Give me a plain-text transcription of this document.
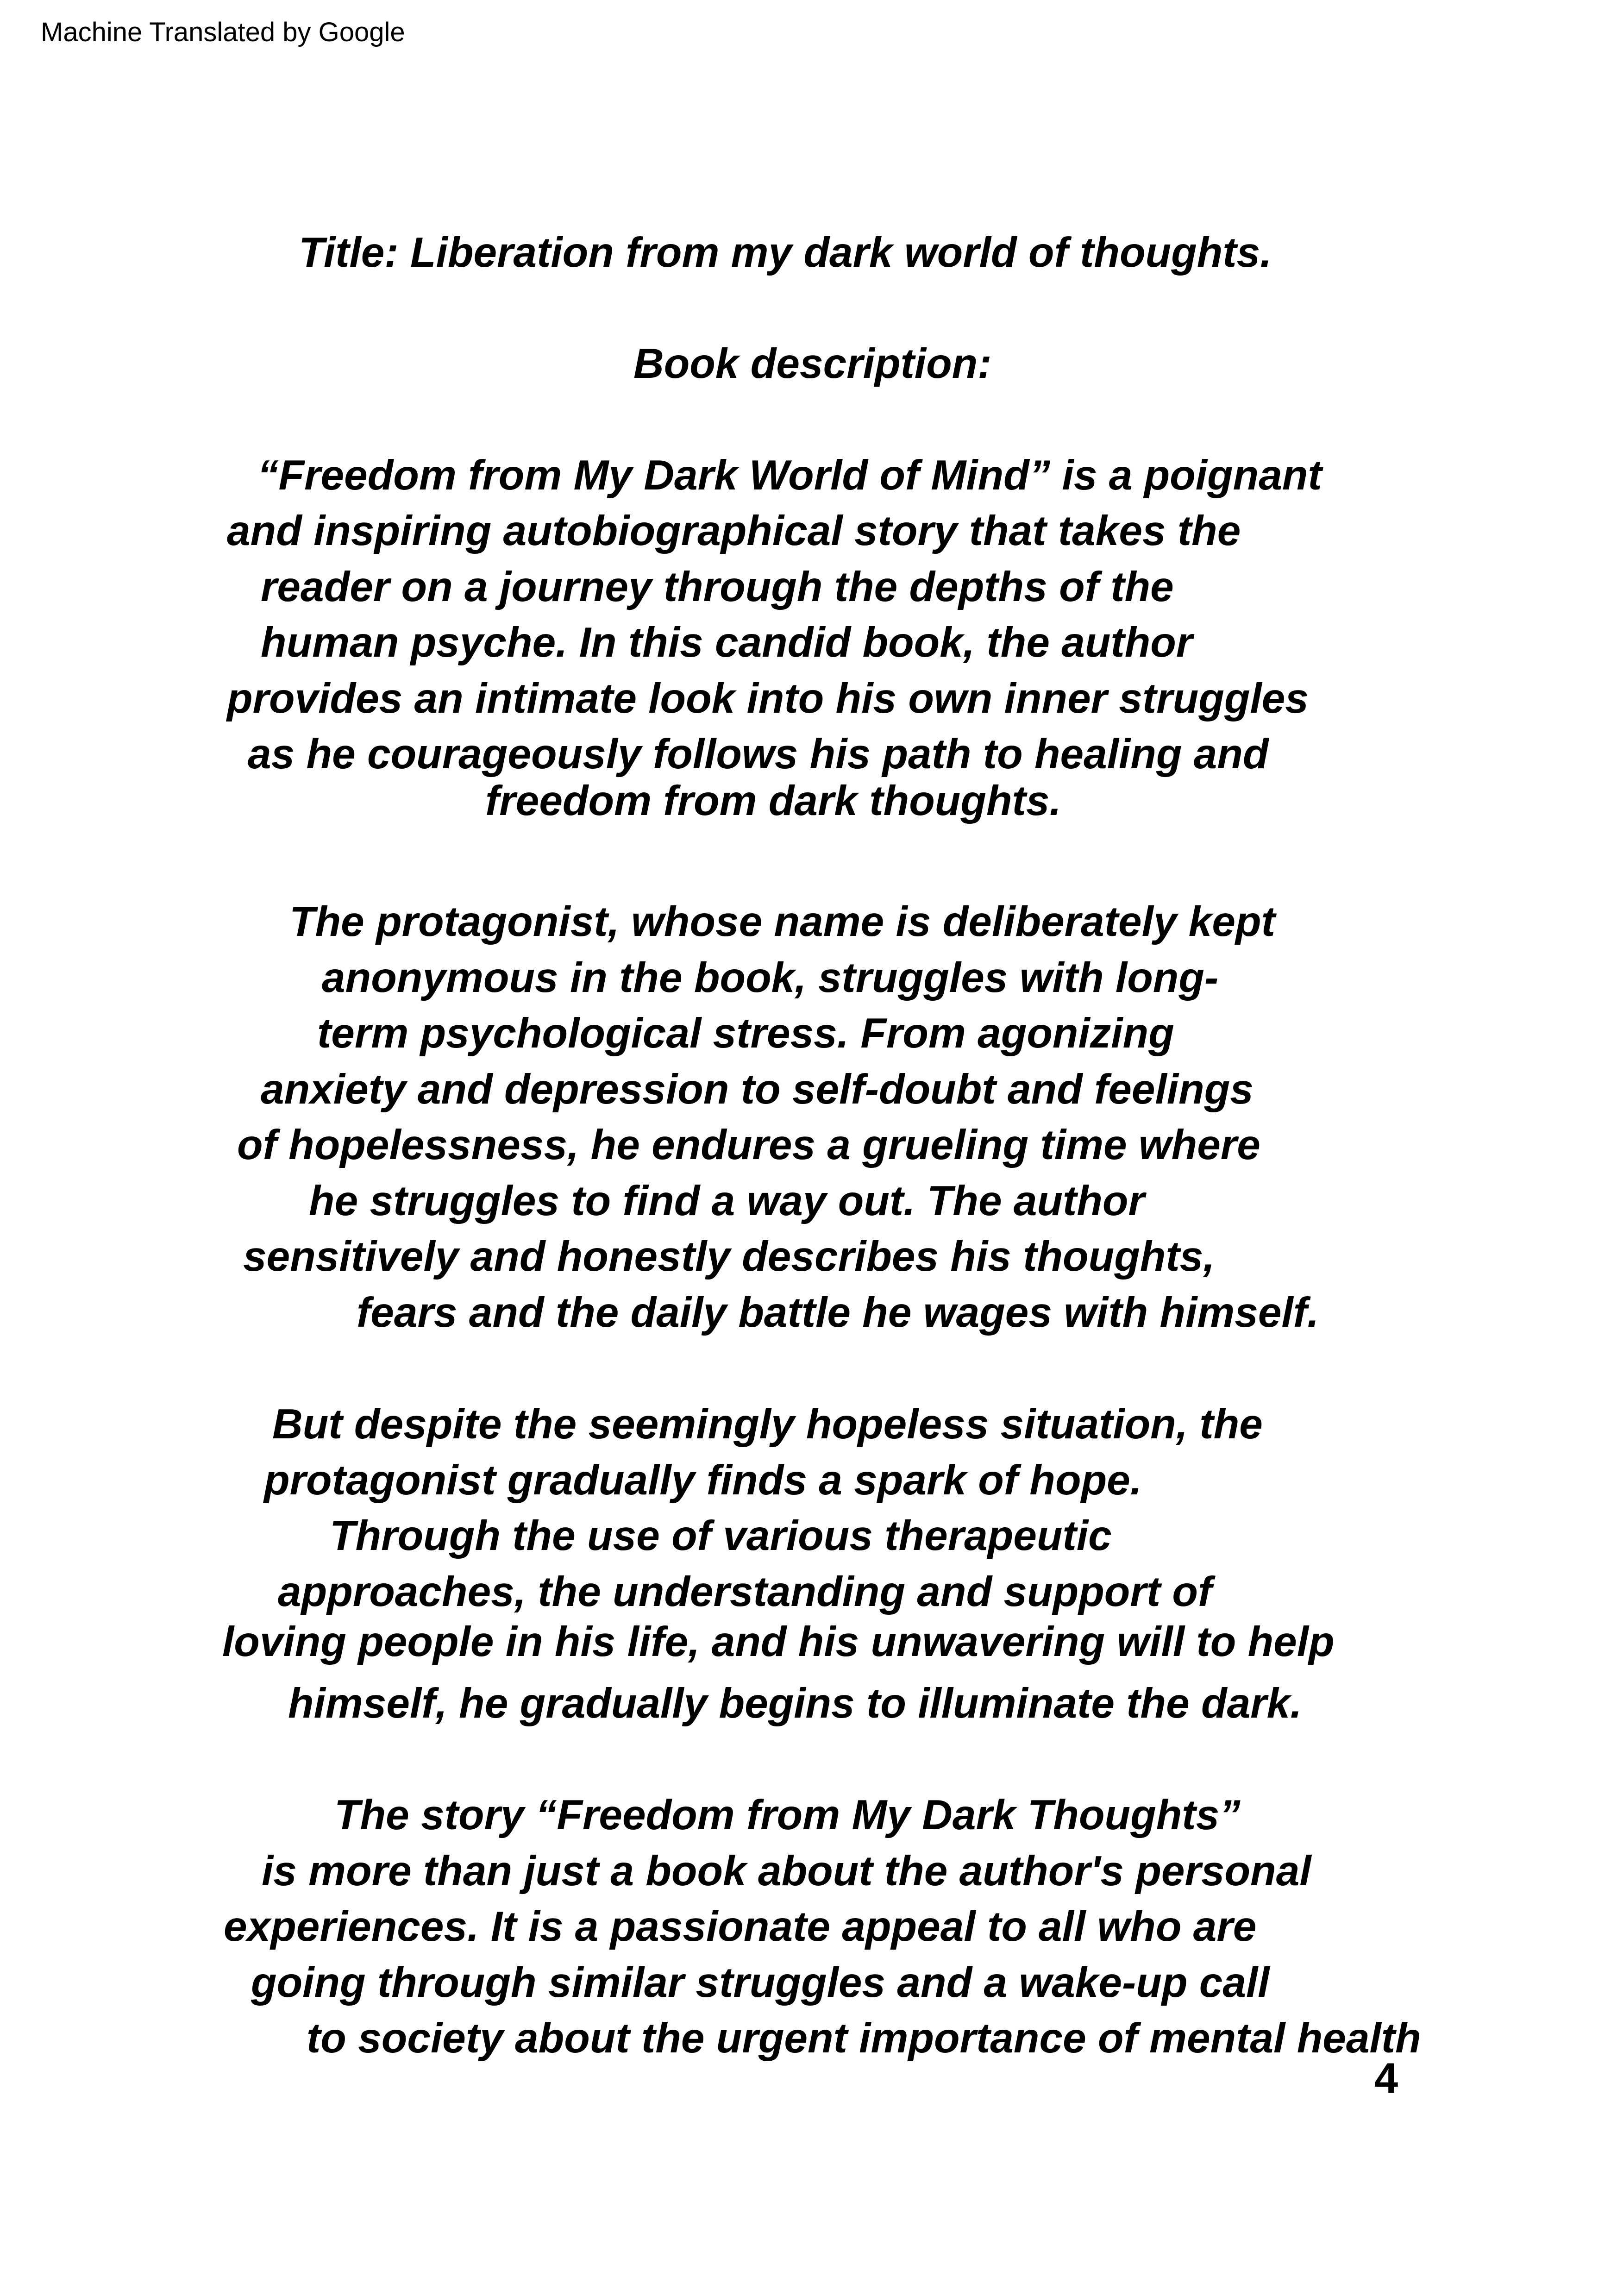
Machine Translated by Google
Title: Liberation from my dark world of thoughts.
Book description:
“Freedom from My Dark World of Mind” is a poignant
and inspiring autobiographical story that takes the
reader on a journey through the depths of the
human psyche. In this candid book, the author
provides an intimate look into his own inner struggles
as he courageously follows his path to healing and
freedom from dark thoughts.
The protagonist, whose name is deliberately kept
anonymous in the book, struggles with long-
term psychological stress. From agonizing
anxiety and depression to self-doubt and feelings
of hopelessness, he endures a grueling time where
he struggles to find a way out. The author
sensitively and honestly describes his thoughts,
fears and the daily battle he wages with himself.
But despite the seemingly hopeless situation, the
protagonist gradually finds a spark of hope.
Through the use of various therapeutic
approaches, the understanding and support of
loving people in his life, and his unwavering will to help
himself, he gradually begins to illuminate the dark.
The story “Freedom from My Dark Thoughts”
is more than just a book about the author's personal
experiences. It is a passionate appeal to all who are
going through similar struggles and a wake-up call
to society about the urgent importance of mental health
4
